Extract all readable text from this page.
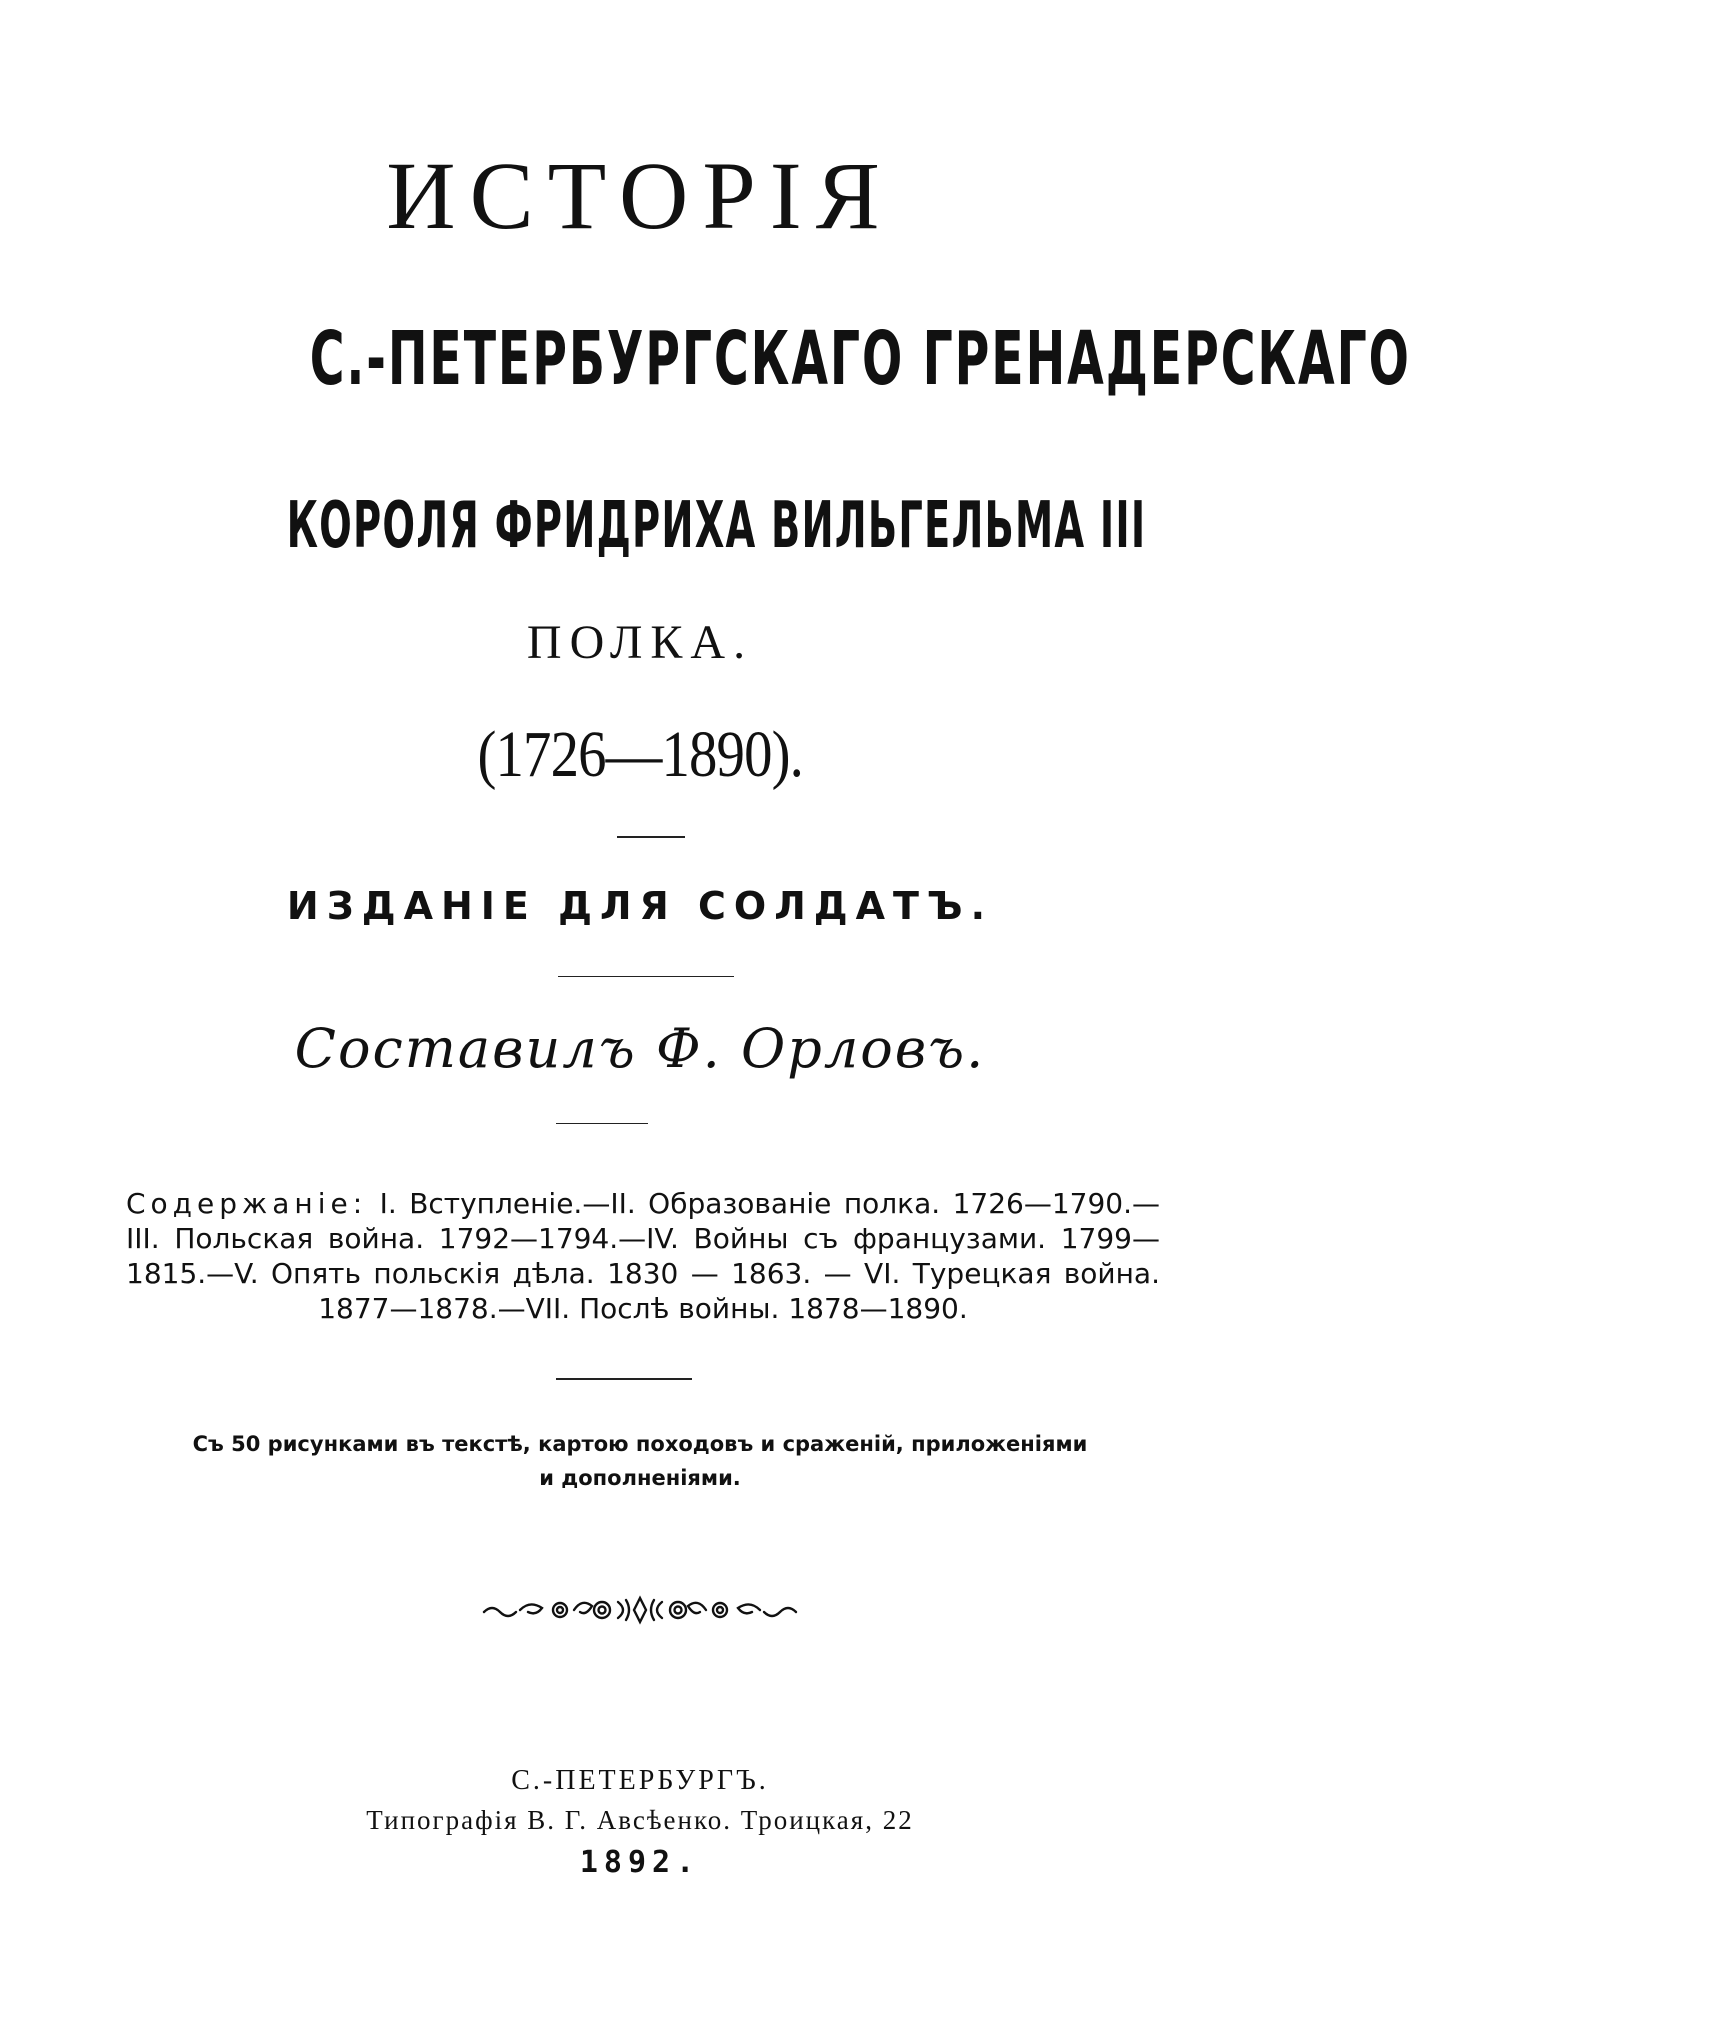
ИСТОРІЯ
С.-ПЕТЕРБУРГСКАГО ГРЕНАДЕРСКАГО
КОРОЛЯ ФРИДРИХА ВИЛЬГЕЛЬМА III
ПОЛКА.
(1726—1890).
ИЗДАНІЕ ДЛЯ СОЛДАТЪ.
Составилъ Ф. Орловъ.
Содержаніе: I. Вступленіе.—II. Образованіе полка. 1726—1790.—III. Польская война. 1792—1794.—IV. Войны съ французами. 1799—1815.—V. Опять польскія дѣла. 1830 — 1863. — VI. Турецкая война. 1877—1878.—VII. Послѣ войны. 1878—1890.
Съ 50 рисунками въ текстѣ, картою походовъ и сраженій, приложеніями
и дополненіями.
С.-ПЕТЕРБУРГЪ.
Типографія В. Г. Авсѣенко. Троицкая, 22
1892.
